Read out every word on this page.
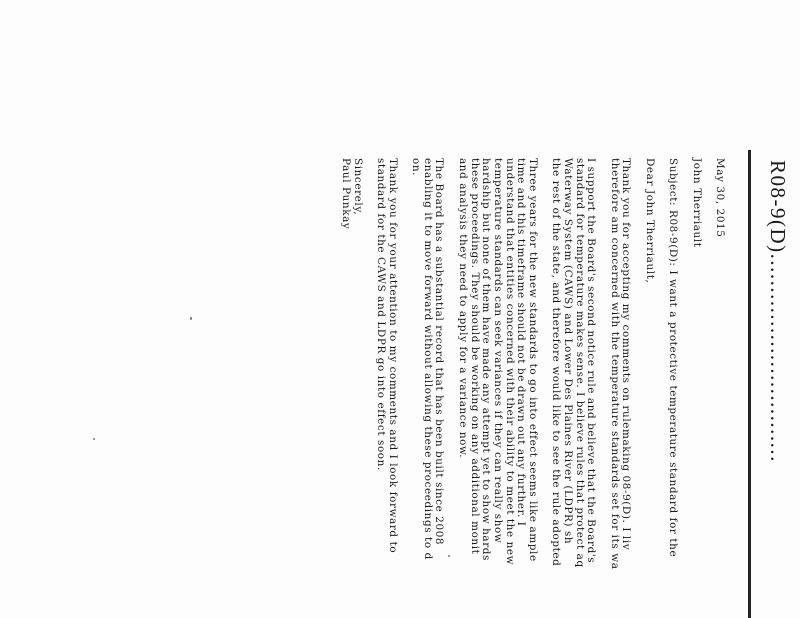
R08-9(D)...............................
May 30, 2015
John Therriault
Subject: R08-9(D): I want a protective temperature standard for the
Dear John Therriault,
Thank you for accepting my comments on rulemaking 08-9(D). I liv
therefore am concerned with the temperature standards set for its wa
I support the Board's second notice rule and believe that the Board's
standard for temperature makes sense. I believe rules that protect aq
Waterway System (CAWS) and Lower Des Plaines River (LDPR) sh
the rest of the state, and therefore would like to see the rule adopted
Three years for the new standards to go into effect seems like ample
time and this timeframe should not be drawn out any further. I
understand that entities concerned with their ability to meet the new
temperature standards can seek variances if they can really show
hardship but none of them have made any attempt yet to show hards
these proceedings. They should be working on any additional monit
and analysis they need to apply for a variance now.
The Board has a substantial record that has been built since 2008
enabling it to move forward without allowing these proceedings to d
on.
Thank you for your attention to my comments and I look forward to
standard for the CAWS and LDPR go into effect soon.
Sincerely,
Paul Punkay
